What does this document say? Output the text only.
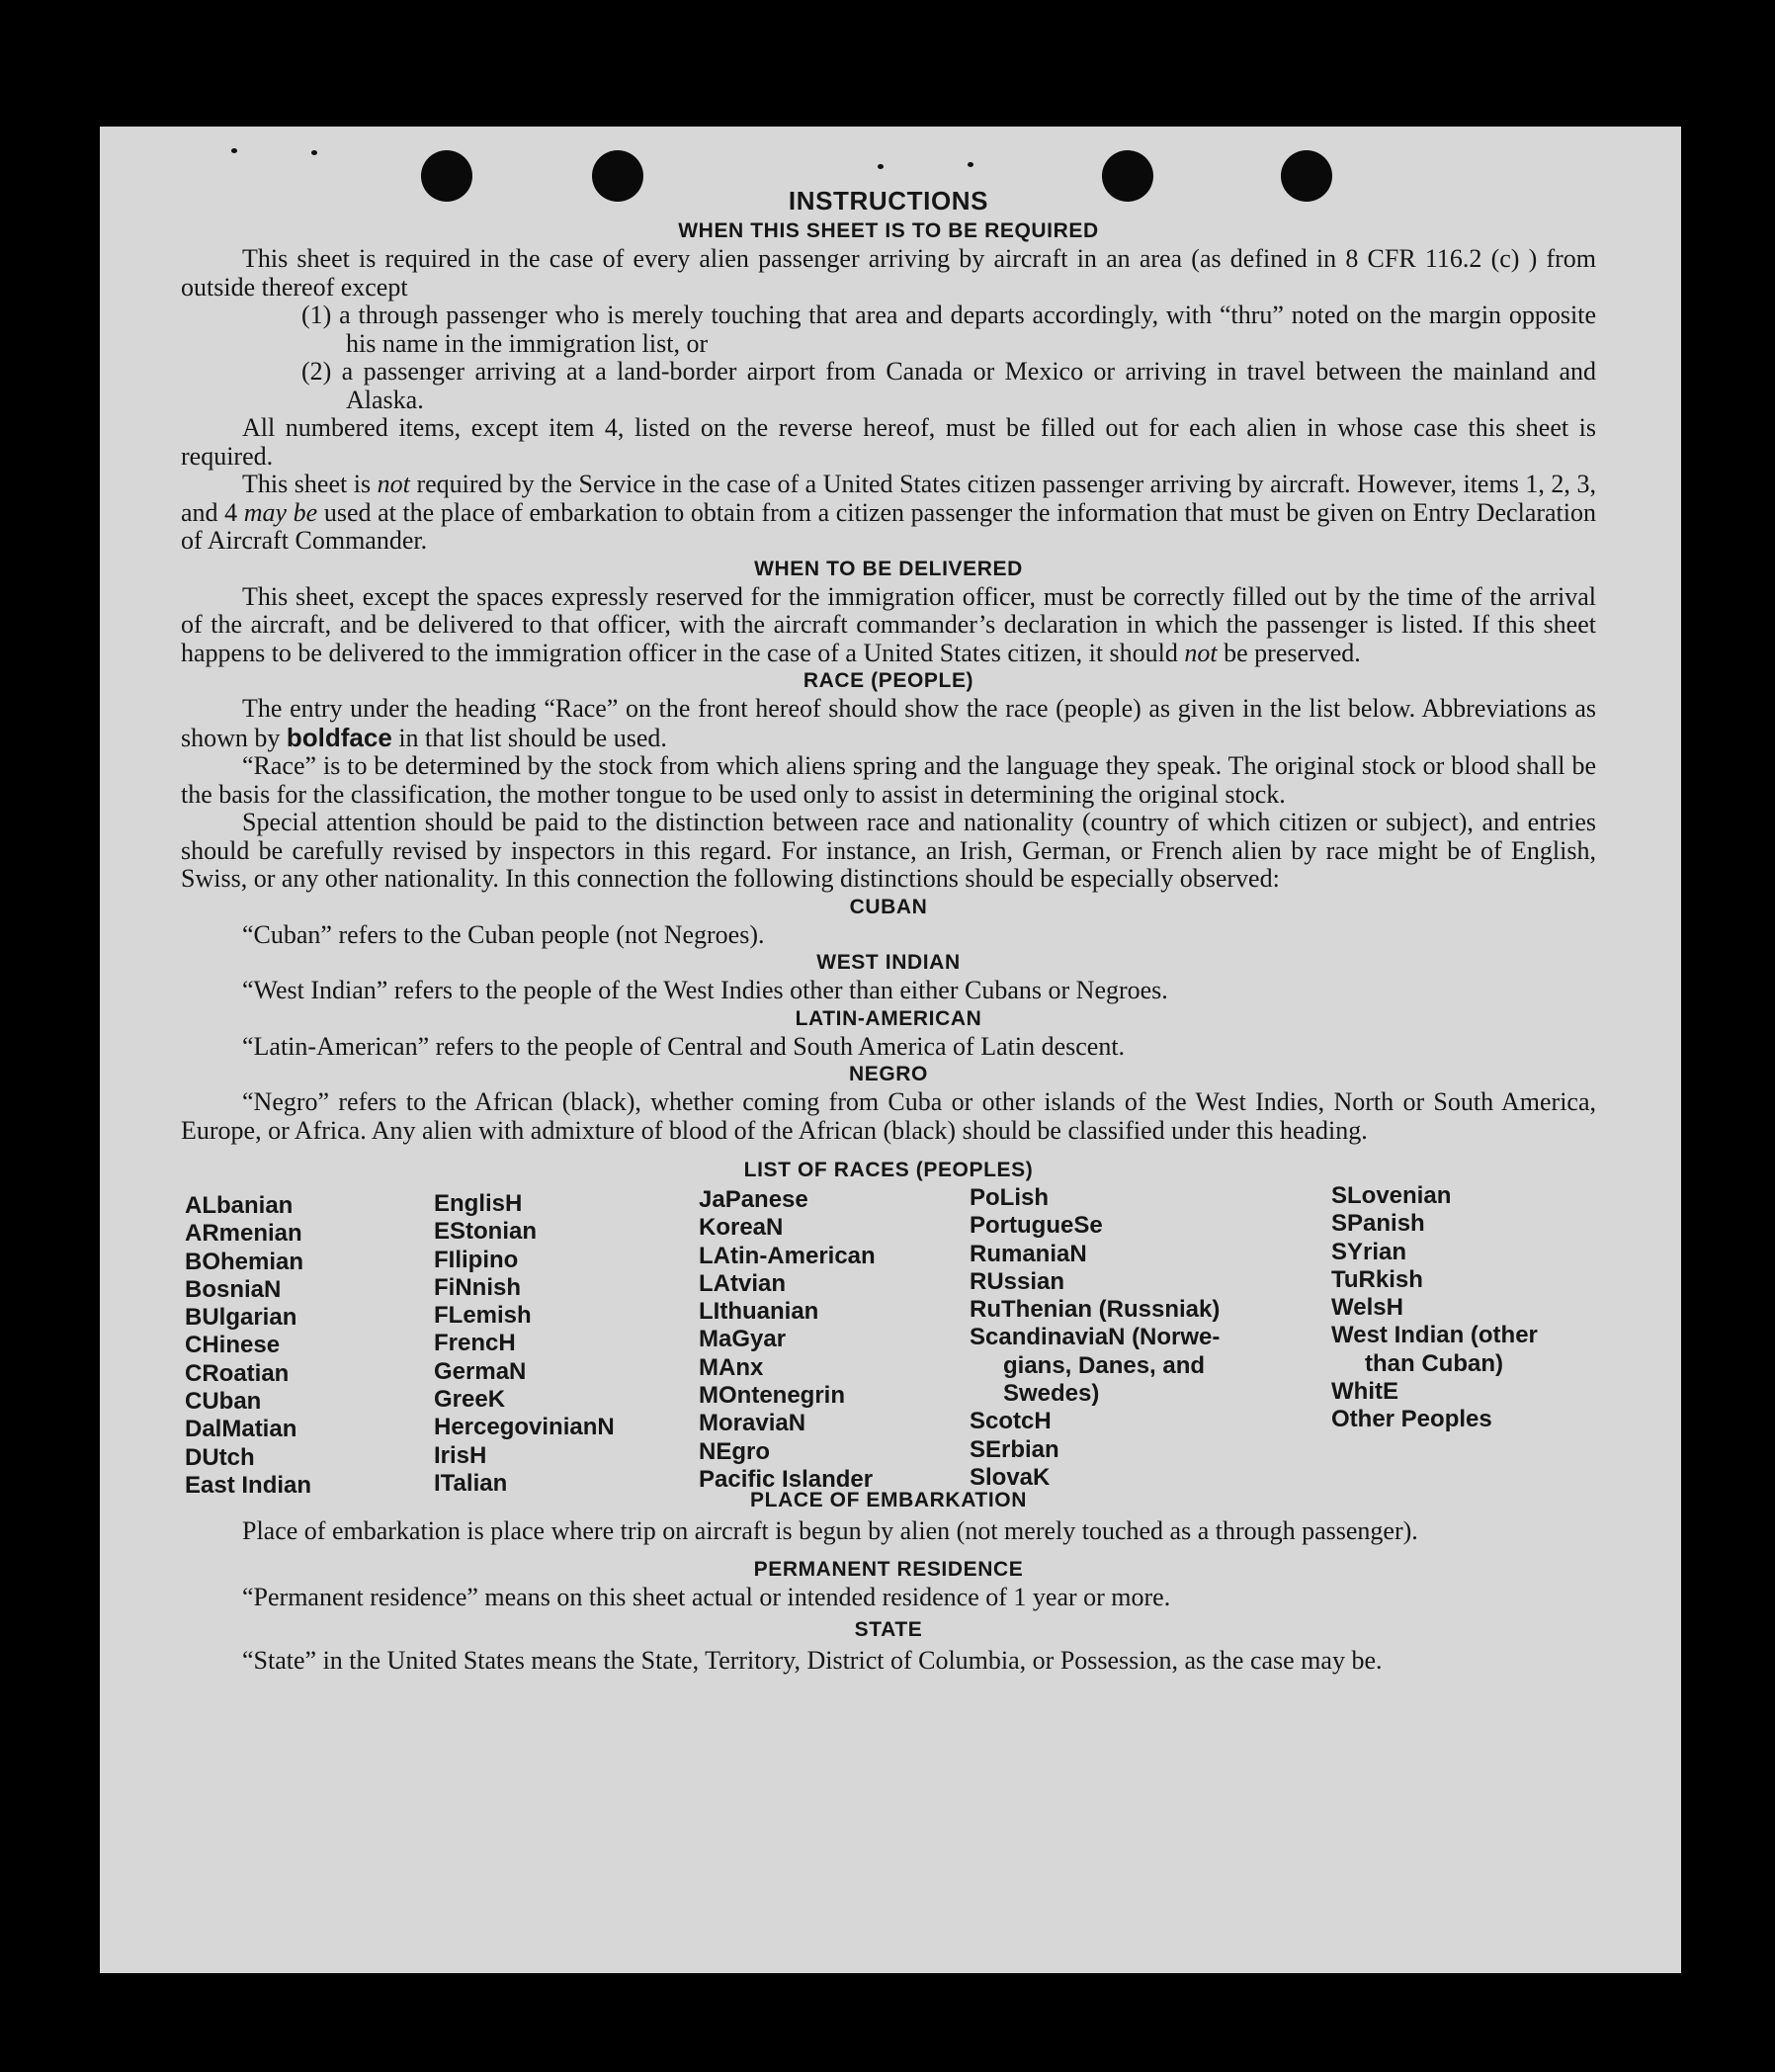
INSTRUCTIONS
WHEN THIS SHEET IS TO BE REQUIRED

This sheet is required in the case of every alien passenger arriving by aircraft in an area (as defined in 8 CFR 116.2 (c) ) from outside thereof except

(1) a through passenger who is merely touching that area and departs accordingly, with “thru” noted on the margin opposite his name in the immigration list, or

(2) a passenger arriving at a land-border airport from Canada or Mexico or arriving in travel between the mainland and Alaska.

All numbered items, except item 4, listed on the reverse hereof, must be filled out for each alien in whose case this sheet is required.

This sheet is not required by the Service in the case of a United States citizen passenger arriving by aircraft. However, items 1, 2, 3, and 4 may be used at the place of embarkation to obtain from a citizen passenger the information that must be given on Entry Declaration of Aircraft Commander.

WHEN TO BE DELIVERED

This sheet, except the spaces expressly reserved for the immigration officer, must be correctly filled out by the time of the arrival of the aircraft, and be delivered to that officer, with the aircraft commander’s declaration in which the passenger is listed. If this sheet happens to be delivered to the immigration officer in the case of a United States citizen, it should not be preserved.

RACE (PEOPLE)

The entry under the heading “Race” on the front hereof should show the race (people) as given in the list below. Abbreviations as shown by boldface in that list should be used.

“Race” is to be determined by the stock from which aliens spring and the language they speak. The original stock or blood shall be the basis for the classification, the mother tongue to be used only to assist in determining the original stock.

Special attention should be paid to the distinction between race and nationality (country of which citizen or subject), and entries should be carefully revised by inspectors in this regard. For instance, an Irish, German, or French alien by race might be of English, Swiss, or any other nationality. In this connection the following distinctions should be especially observed:

CUBAN

“Cuban” refers to the Cuban people (not Negroes).

WEST INDIAN

“West Indian” refers to the people of the West Indies other than either Cubans or Negroes.

LATIN-AMERICAN

“Latin-American” refers to the people of Central and South America of Latin descent.

NEGRO

“Negro” refers to the African (black), whether coming from Cuba or other islands of the West Indies, North or South America, Europe, or Africa. Any alien with admixture of blood of the African (black) should be classified under this heading.

LIST OF RACES (PEOPLES)
ALbanian
ARmenian
BOhemian
BosniaN
BUlgarian
CHinese
CRoatian
CUban
DalMatian
DUtch
East Indian
EnglisH
EStonian
FIlipino
FiNnish
FLemish
FrencH
GermaN
GreeK
HercegovinianN
IrisH
ITalian
JaPanese
KoreaN
LAtin-American
LAtvian
LIthuanian
MaGyar
MAnx
MOntenegrin
MoraviaN
NEgro
Pacific Islander
PoLish
PortugueSe
RumaniaN
RUssian
RuThenian (Russniak)
ScandinaviaN (Norwe-
gians, Danes, and
Swedes)
ScotcH
SErbian
SlovaK
SLovenian
SPanish
SYrian
TuRkish
WelsH
West Indian (other
than Cuban)
WhitE
Other Peoples
PLACE OF EMBARKATION

Place of embarkation is place where trip on aircraft is begun by alien (not merely touched as a through passenger).

PERMANENT RESIDENCE

“Permanent residence” means on this sheet actual or intended residence of 1 year or more.

STATE

“State” in the United States means the State, Territory, District of Columbia, or Possession, as the case may be.
